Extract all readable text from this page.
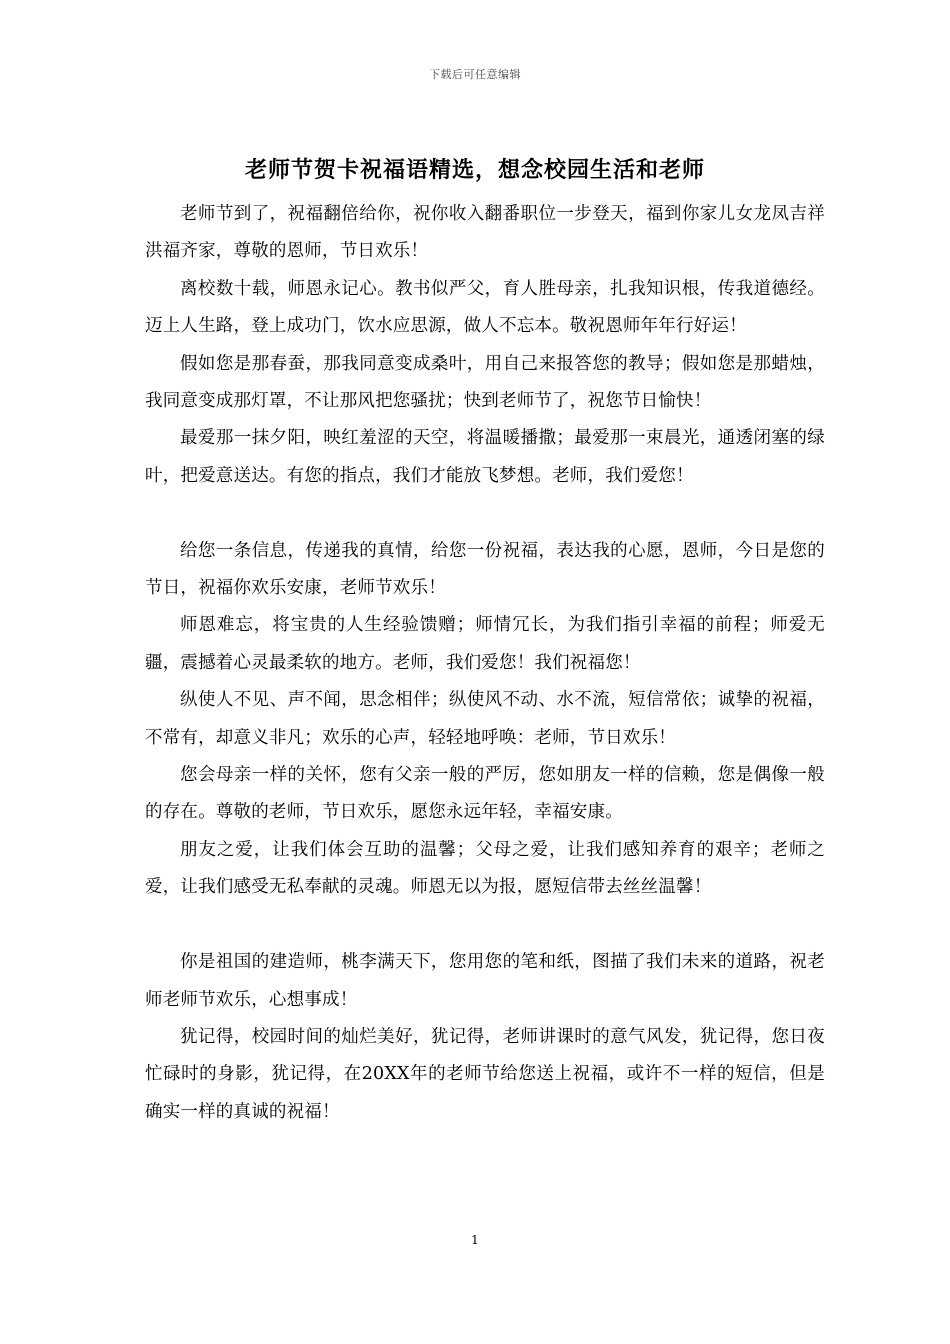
下载后可任意编辑
老师节贺卡祝福语精选，想念校园生活和老师

老师节到了，祝福翻倍给你，祝你收入翻番职位一步登天，福到你家儿女龙凤吉祥洪福齐家，尊敬的恩师，节日欢乐！

离校数十载，师恩永记心。教书似严父，育人胜母亲，扎我知识根，传我道德经。迈上人生路，登上成功门，饮水应思源，做人不忘本。敬祝恩师年年行好运！

假如您是那春蚕，那我同意变成桑叶，用自己来报答您的教导；假如您是那蜡烛，我同意变成那灯罩，不让那风把您骚扰；快到老师节了，祝您节日愉快！

最爱那一抹夕阳，映红羞涩的天空，将温暖播撒；最爱那一束晨光，通透闭塞的绿叶，把爱意送达。有您的指点，我们才能放飞梦想。老师，我们爱您！

给您一条信息，传递我的真情，给您一份祝福，表达我的心愿，恩师，今日是您的节日，祝福你欢乐安康，老师节欢乐！

师恩难忘，将宝贵的人生经验馈赠；师情冗长，为我们指引幸福的前程；师爱无疆，震撼着心灵最柔软的地方。老师，我们爱您！我们祝福您！

纵使人不见、声不闻，思念相伴；纵使风不动、水不流，短信常依；诚挚的祝福，不常有，却意义非凡；欢乐的心声，轻轻地呼唤：老师，节日欢乐！

您会母亲一样的关怀，您有父亲一般的严厉，您如朋友一样的信赖，您是偶像一般的存在。尊敬的老师，节日欢乐，愿您永远年轻，幸福安康。

朋友之爱，让我们体会互助的温馨；父母之爱，让我们感知养育的艰辛；老师之爱，让我们感受无私奉献的灵魂。师恩无以为报，愿短信带去丝丝温馨！

你是祖国的建造师，桃李满天下，您用您的笔和纸，图描了我们未来的道路，祝老师老师节欢乐，心想事成！

犹记得，校园时间的灿烂美好，犹记得，老师讲课时的意气风发，犹记得，您日夜忙碌时的身影，犹记得，在20XX年的老师节给您送上祝福，或许不一样的短信，但是确实一样的真诚的祝福！

1
